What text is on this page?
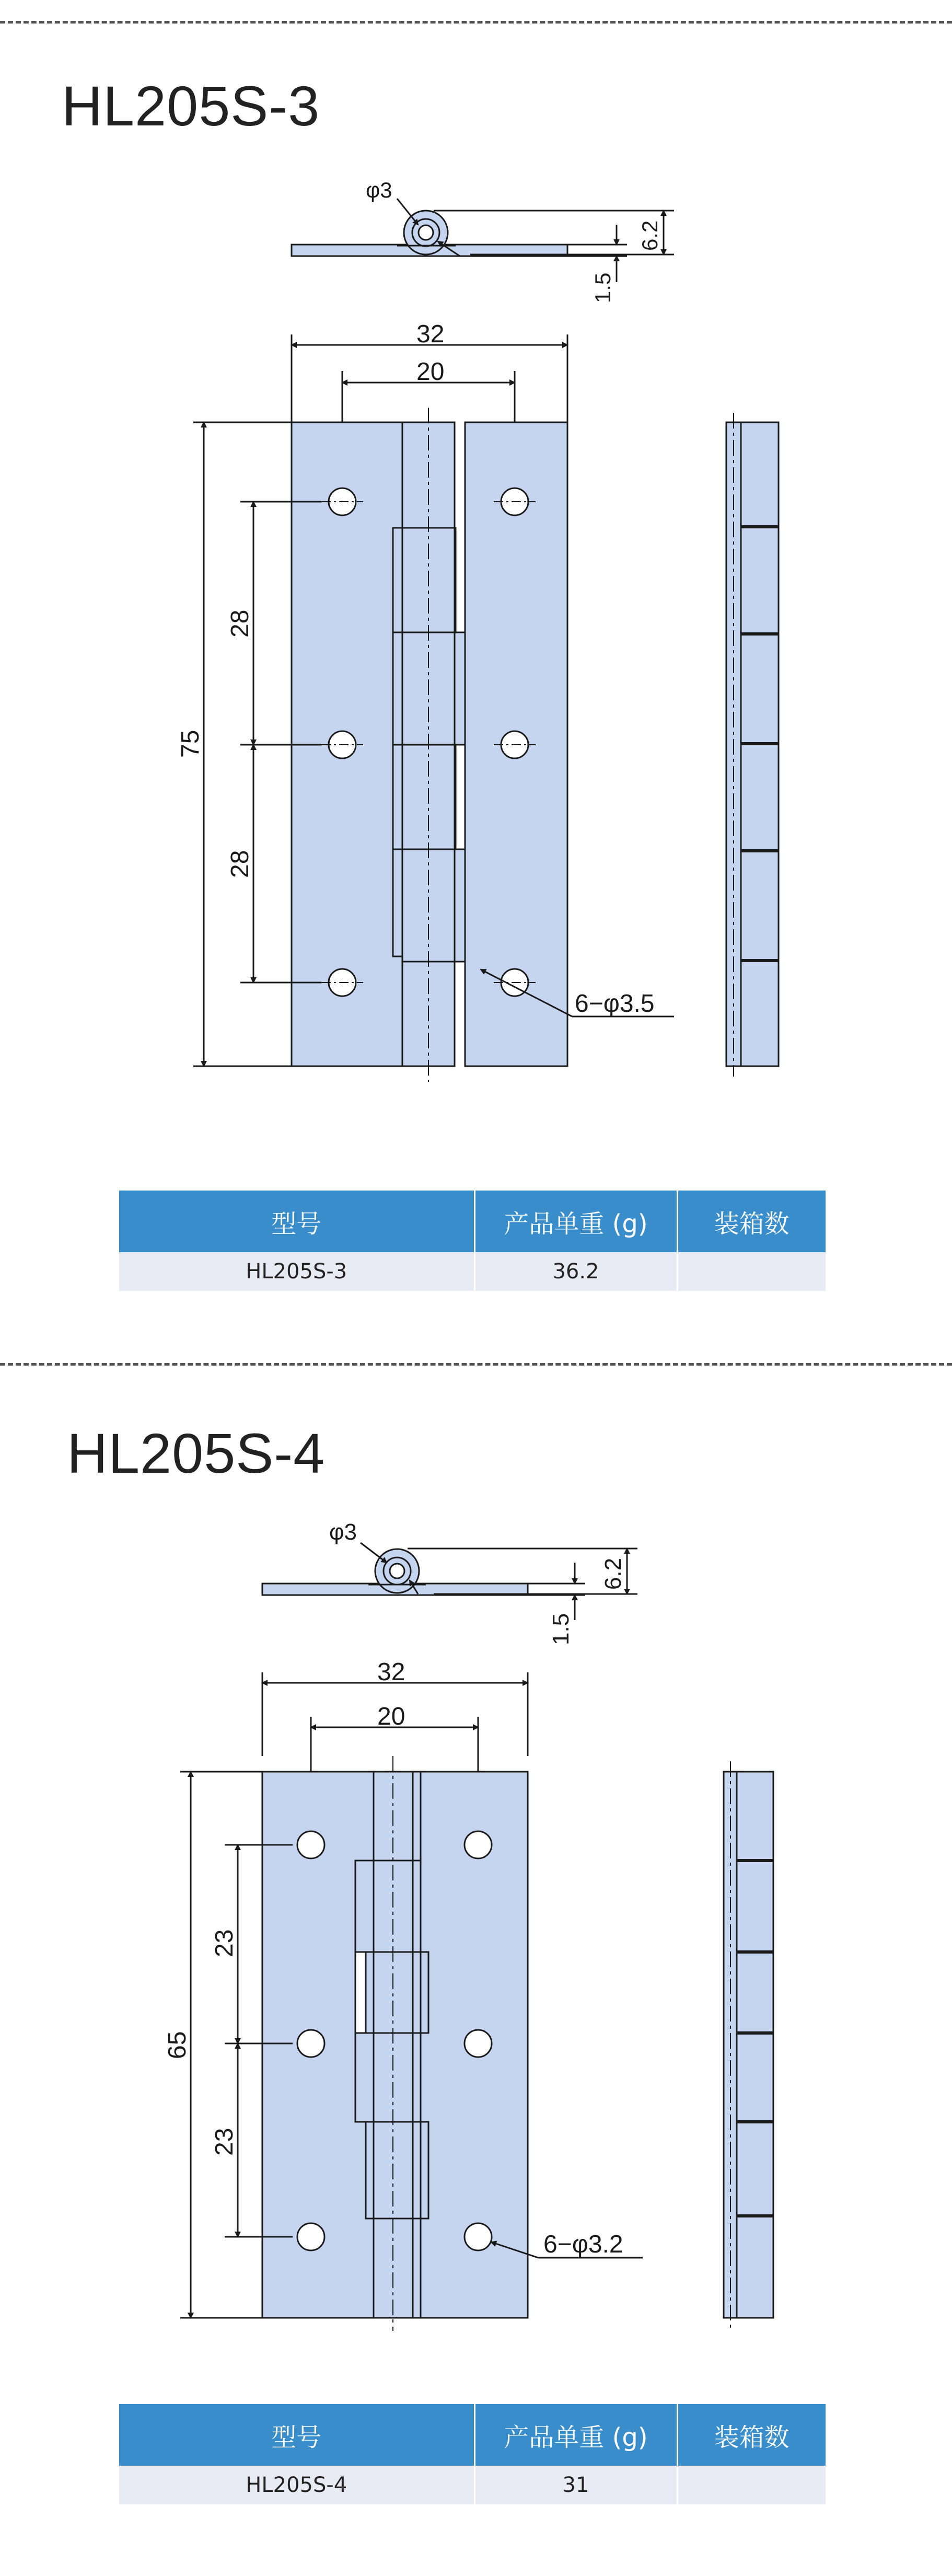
HL205S-3
φ3
6.2
1.5
32
20
75
28
28
6−φ3.5
型号	产品单重 (g)	装箱数
HL205S-3	36.2	
HL205S-4
φ3
6.2
1.5
32
20
65
23
23
6−φ3.2
型号	产品单重 (g)	装箱数
HL205S-4	31	
